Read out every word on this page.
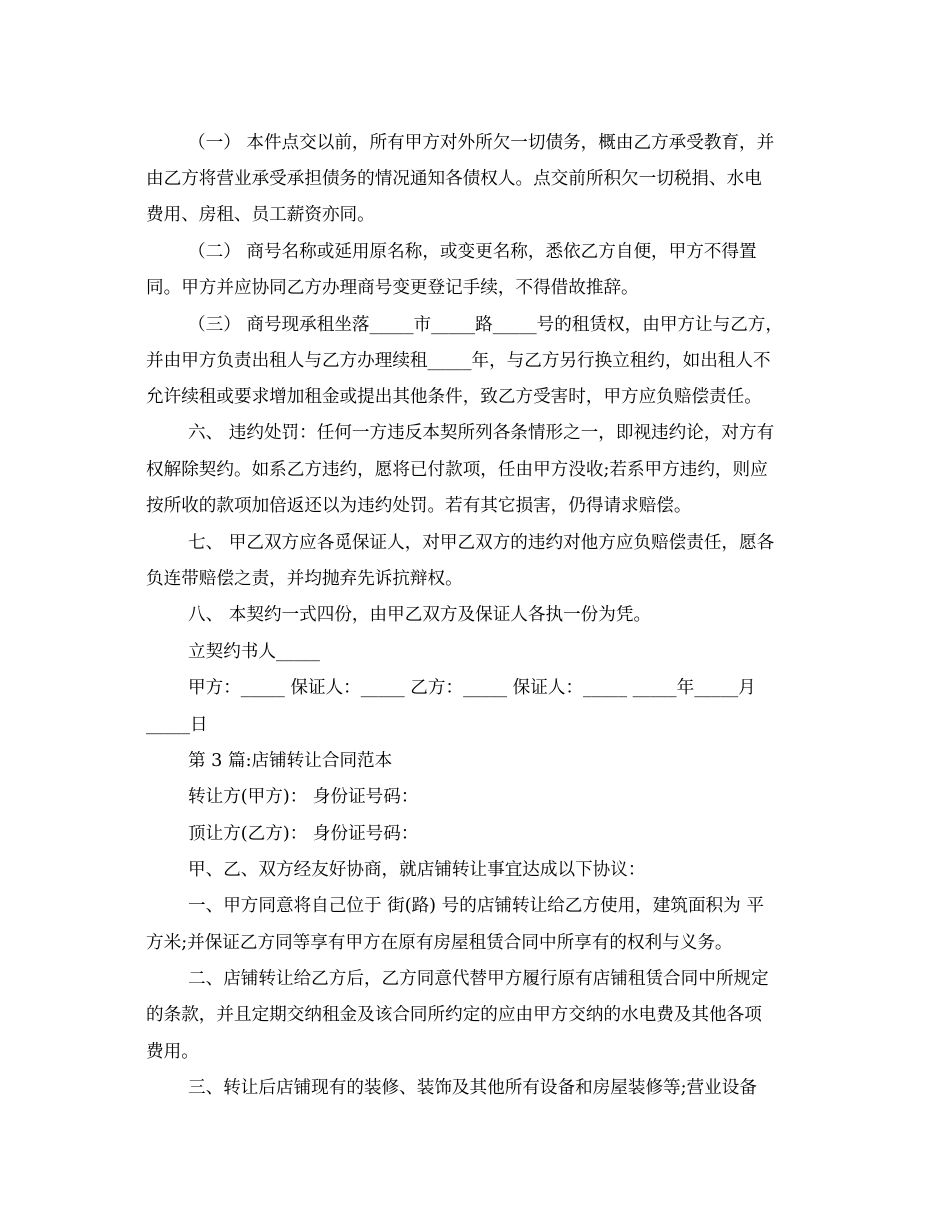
（一） 本件点交以前，所有甲方对外所欠一切债务，概由乙方承受教育，并
由乙方将营业承受承担债务的情况通知各债权人。点交前所积欠一切税捐、水电
费用、房租、员工薪资亦同。
（二） 商号名称或延用原名称，或变更名称，悉依乙方自便，甲方不得置
同。甲方并应协同乙方办理商号变更登记手续，不得借故推辞。
（三） 商号现承租坐落_____市_____路_____号的租赁权，由甲方让与乙方，
并由甲方负责出租人与乙方办理续租_____年，与乙方另行换立租约，如出租人不
允许续租或要求增加租金或提出其他条件，致乙方受害时，甲方应负赔偿责任。
六、 违约处罚：任何一方违反本契所列各条情形之一，即视违约论，对方有
权解除契约。如系乙方违约，愿将已付款项，任由甲方没收;若系甲方违约，则应
按所收的款项加倍返还以为违约处罚。若有其它损害，仍得请求赔偿。
七、 甲乙双方应各觅保证人，对甲乙双方的违约对他方应负赔偿责任，愿各
负连带赔偿之责，并均抛弃先诉抗辩权。
八、 本契约一式四份，由甲乙双方及保证人各执一份为凭。
立契约书人_____
甲方：_____ 保证人：_____ 乙方：_____ 保证人：_____ _____年_____月
_____日
第 3 篇:店铺转让合同范本
转让方(甲方)： 身份证号码：
顶让方(乙方)： 身份证号码：
甲、乙、双方经友好协商，就店铺转让事宜达成以下协议：
一、甲方同意将自己位于 街(路) 号的店铺转让给乙方使用，建筑面积为 平
方米;并保证乙方同等享有甲方在原有房屋租赁合同中所享有的权利与义务。
二、店铺转让给乙方后，乙方同意代替甲方履行原有店铺租赁合同中所规定
的条款，并且定期交纳租金及该合同所约定的应由甲方交纳的水电费及其他各项
费用。
三、转让后店铺现有的装修、装饰及其他所有设备和房屋装修等;营业设备
